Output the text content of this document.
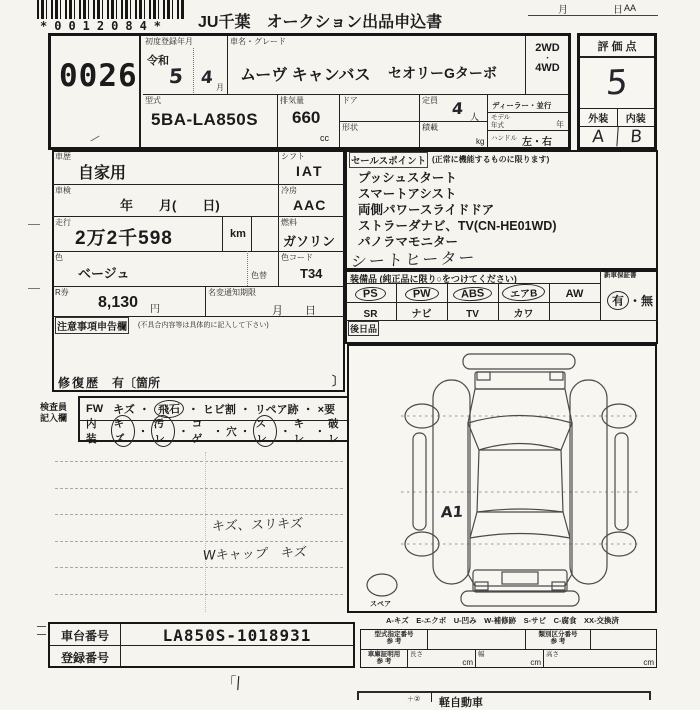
*0012084*	JU千葉　オークション出品申込書
月	日 AA
0026
初度登録年月
令和
5 4 月
車名・グレード
ムーヴ キャンバス セオリーGターボ
2WD
・
4WD
型式
5BA-LA850S
排気量
660
cc
ドア
形状
定員 4 人
積載
kg
ディーラー・並行
モデル
年式	年
ハンドル 左・右
評 価 点
5
外装	内装
A	B
車歴
自家用
シフト
IAT
車検
年　　月(　　日)
冷房
AAC
走行
2万2千598	km
燃料
ガソリン
色
ベージュ	色替
色コード
T34
R券
8,130 円
名変通知期限
月　　日
注意事項申告欄 (不具合内容等は具体的に記入して下さい)
修復歴 有〔箇所	〕
セールスポイント (正常に機能するものに限ります)
プッシュスタート
スマートアシスト
両側パワースライドドア
ストラーダナビ、TV(CN-HE01WD)
パノラマモニター
シートヒーター
装備品 (純正品に限り○をつけてください)	新車保証書
PS	PW	ABS	エアB	AW
SR	ナビ	TV	カワ
有 ・無
後日品
検査員
記入欄
FW キズ ・ 飛石 ・ ヒビ割 ・ リペア跡 ・ ×要
内装
キズ
・
汚レ
・
コゲ
・ 穴 ・
スレ
・
キレ
・
破レ
キズ、スリキズ
Wキャップ　キズ
A1
スペア
A-キズ　E-エクボ　U-凹み　W-補修跡　S-サビ　C-腐食　XX-交換済
車台番号	LA850S-1018931
登録番号
型式指定番号
参 考
類別区分番号
参 考
車庫証明用
参 考
長さ
cm
幅
cm
高さ
cm
「|
＋② 軽自動車
